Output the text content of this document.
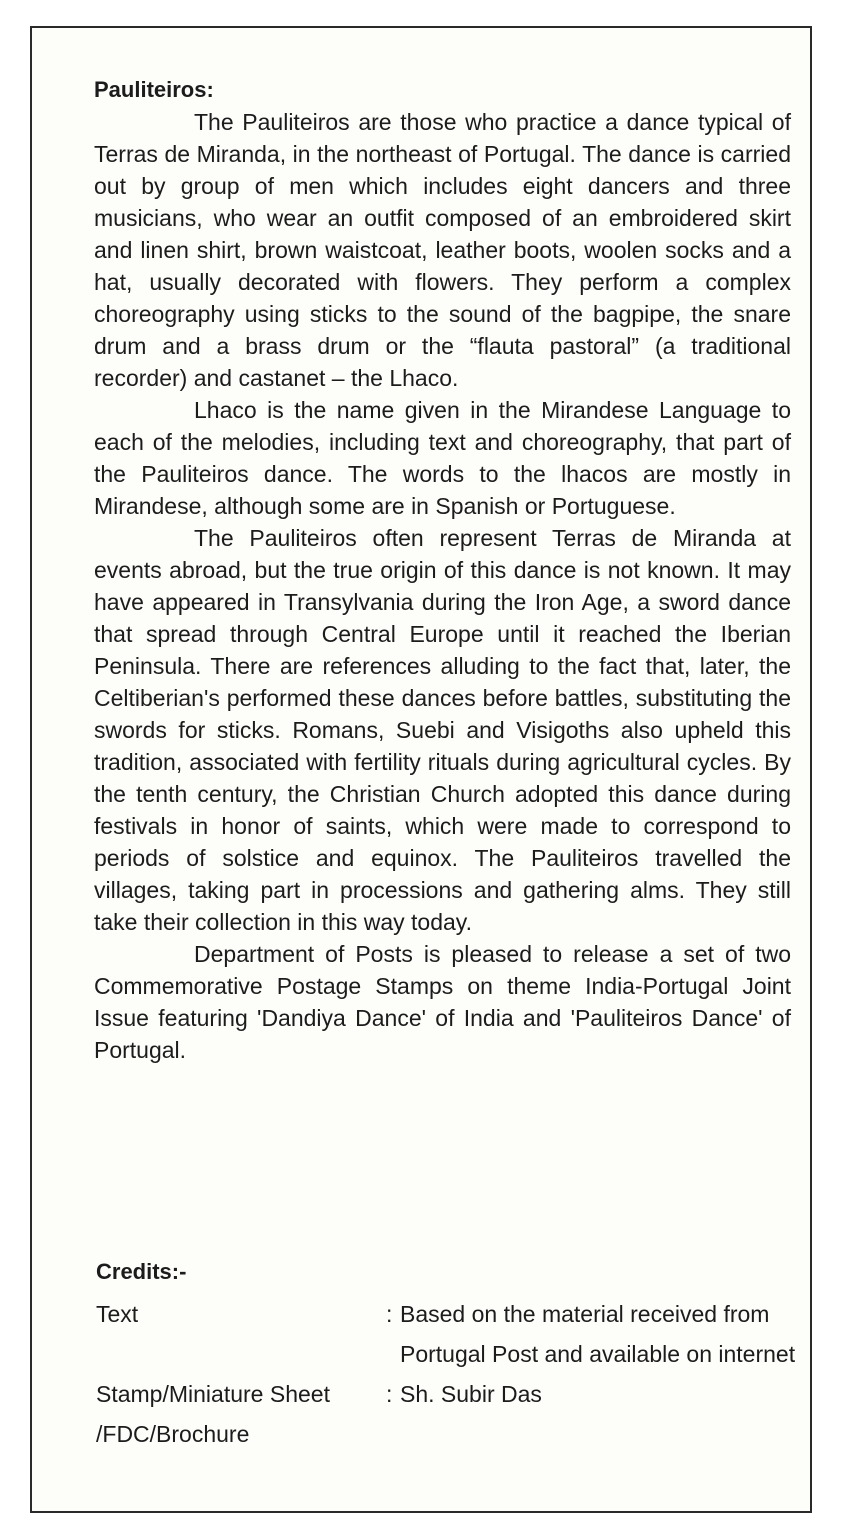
Pauliteiros:

The Pauliteiros are those who practice a dance typical of Terras de Miranda, in the northeast of Portugal. The dance is carried out by group of men which includes eight dancers and three musicians, who wear an outfit composed of an embroidered skirt and linen shirt, brown waistcoat, leather boots, woolen socks and a hat, usually decorated with flowers. They perform a complex choreography using sticks to the sound of the bagpipe, the snare drum and a brass drum or the “flauta pastoral” (a traditional recorder) and castanet – the Lhaco.

Lhaco is the name given in the Mirandese Language to each of the melodies, including text and choreography, that part of the Pauliteiros dance. The words to the lhacos are mostly in Mirandese, although some are in Spanish or Portuguese.

The Pauliteiros often represent Terras de Miranda at events abroad, but the true origin of this dance is not known. It may have appeared in Transylvania during the Iron Age, a sword dance that spread through Central Europe until it reached the Iberian Peninsula. There are references alluding to the fact that, later, the Celtiberian's performed these dances before battles, substituting the swords for sticks. Romans, Suebi and Visigoths also upheld this tradition, associated with fertility rituals during agricultural cycles. By the tenth century, the Christian Church adopted this dance during festivals in honor of saints, which were made to correspond to periods of solstice and equinox. The Pauliteiros travelled the villages, taking part in processions and gathering alms. They still take their collection in this way today.

Department of Posts is pleased to release a set of two Commemorative Postage Stamps on theme India-Portugal Joint Issue featuring 'Dandiya Dance' of India and 'Pauliteiros Dance' of Portugal.

Credits:-

Text	: Based on the material received from Portugal Post and available on internet
Stamp/Miniature Sheet /FDC/Brochure
: Sh. Subir Das
